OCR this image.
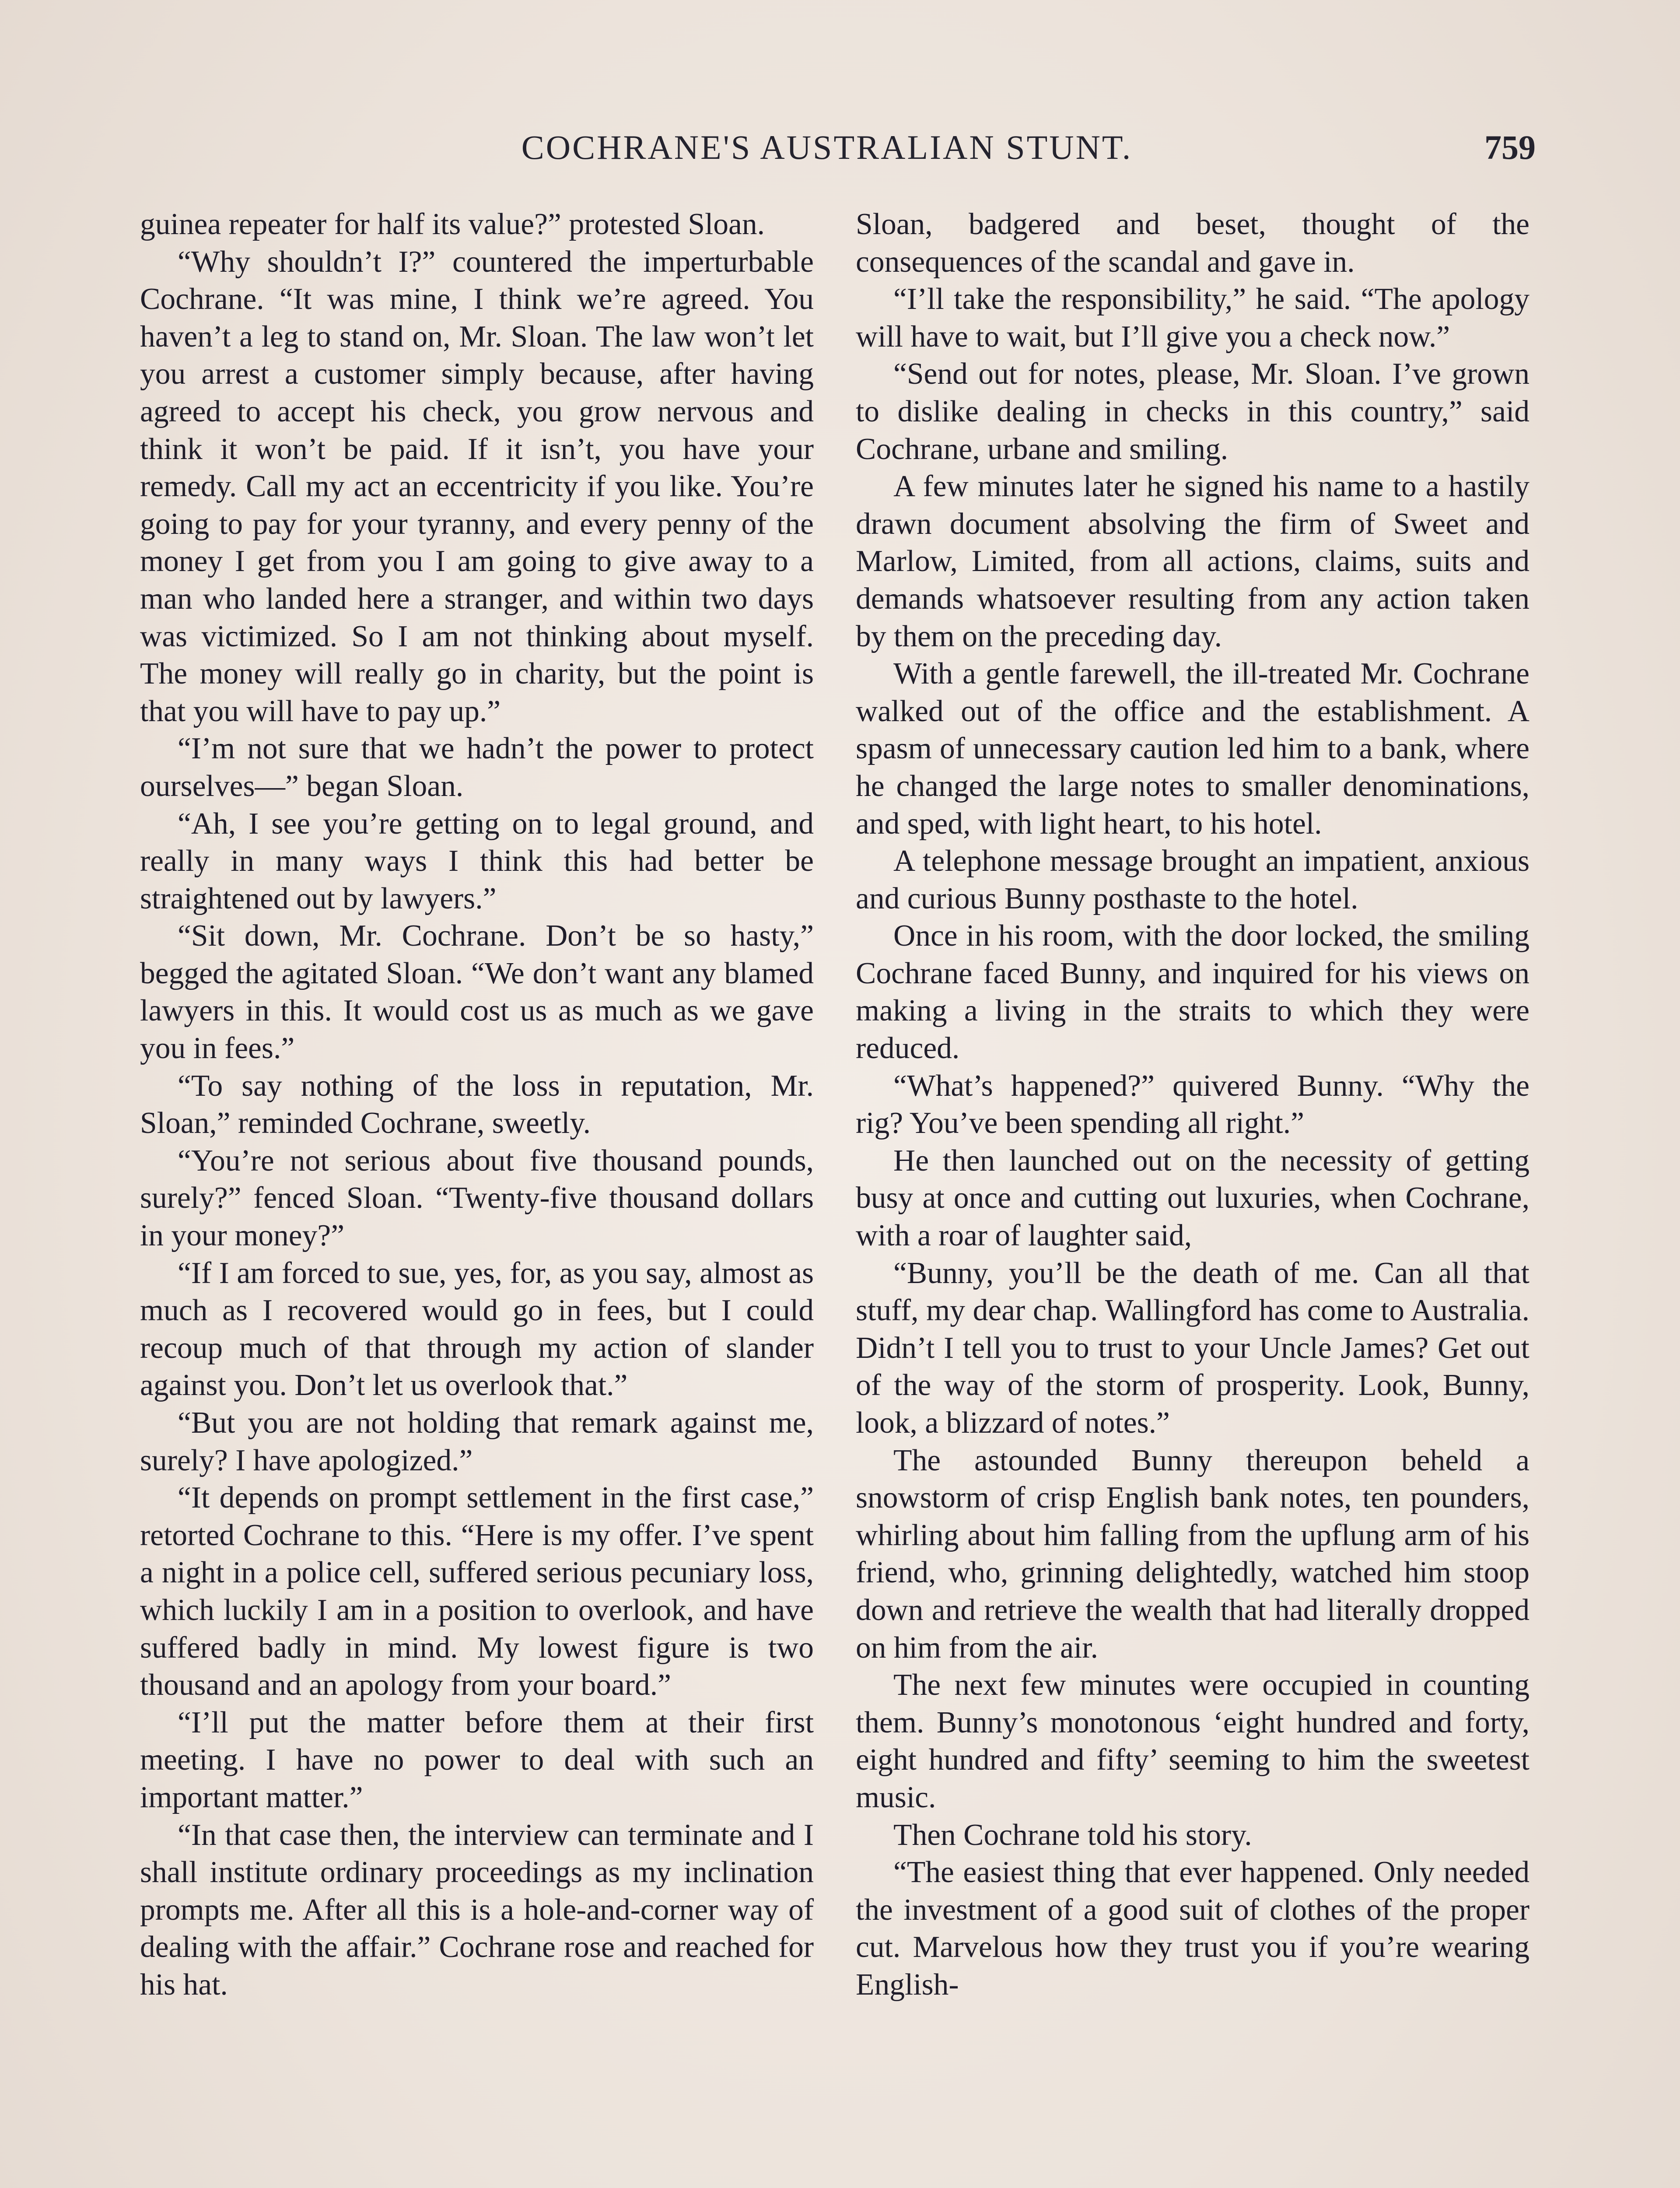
COCHRANE'S AUSTRALIAN STUNT.	759

guinea repeater for half its value?” protested Sloan.

“Why shouldn’t I?” countered the imperturbable Cochrane. “It was mine, I think we’re agreed. You haven’t a leg to stand on, Mr. Sloan. The law won’t let you arrest a customer simply because, after having agreed to accept his check, you grow nervous and think it won’t be paid. If it isn’t, you have your remedy. Call my act an eccentricity if you like. You’re going to pay for your tyranny, and every penny of the money I get from you I am going to give away to a man who landed here a stranger, and within two days was victimized. So I am not thinking about myself. The money will really go in charity, but the point is that you will have to pay up.”

“I’m not sure that we hadn’t the power to protect ourselves—” began Sloan.

“Ah, I see you’re getting on to legal ground, and really in many ways I think this had better be straightened out by lawyers.”

“Sit down, Mr. Cochrane. Don’t be so hasty,” begged the agitated Sloan. “We don’t want any blamed lawyers in this. It would cost us as much as we gave you in fees.”

“To say nothing of the loss in reputation, Mr. Sloan,” reminded Cochrane, sweetly.

“You’re not serious about five thousand pounds, surely?” fenced Sloan. “Twenty-five thousand dollars in your money?”

“If I am forced to sue, yes, for, as you say, almost as much as I recovered would go in fees, but I could recoup much of that through my action of slander against you. Don’t let us overlook that.”

“But you are not holding that remark against me, surely? I have apologized.”

“It depends on prompt settlement in the first case,” retorted Cochrane to this. “Here is my offer. I’ve spent a night in a police cell, suffered serious pecuniary loss, which luckily I am in a position to overlook, and have suffered badly in mind. My lowest figure is two thousand and an apology from your board.”

“I’ll put the matter before them at their first meeting. I have no power to deal with such an important matter.”

“In that case then, the interview can terminate and I shall institute ordinary proceedings as my inclination prompts me. After all this is a hole-and-corner way of dealing with the affair.” Cochrane rose and reached for his hat.

Sloan, badgered and beset, thought of the consequences of the scandal and gave in.

“I’ll take the responsibility,” he said. “The apology will have to wait, but I’ll give you a check now.”

“Send out for notes, please, Mr. Sloan. I’ve grown to dislike dealing in checks in this country,” said Cochrane, urbane and smiling.

A few minutes later he signed his name to a hastily drawn document absolving the firm of Sweet and Marlow, Limited, from all actions, claims, suits and demands whatsoever resulting from any action taken by them on the preceding day.

With a gentle farewell, the ill-treated Mr. Cochrane walked out of the office and the establishment. A spasm of unnecessary caution led him to a bank, where he changed the large notes to smaller denominations, and sped, with light heart, to his hotel.

A telephone message brought an impatient, anxious and curious Bunny posthaste to the hotel.

Once in his room, with the door locked, the smiling Cochrane faced Bunny, and inquired for his views on making a living in the straits to which they were reduced.

“What’s happened?” quivered Bunny. “Why the rig? You’ve been spending all right.”

He then launched out on the necessity of getting busy at once and cutting out luxuries, when Cochrane, with a roar of laughter said,

“Bunny, you’ll be the death of me. Can all that stuff, my dear chap. Wallingford has come to Australia. Didn’t I tell you to trust to your Uncle James? Get out of the way of the storm of prosperity. Look, Bunny, look, a blizzard of notes.”

The astounded Bunny thereupon beheld a snowstorm of crisp English bank notes, ten pounders, whirling about him falling from the upflung arm of his friend, who, grinning delightedly, watched him stoop down and retrieve the wealth that had literally dropped on him from the air.

The next few minutes were occupied in counting them. Bunny’s monotonous ‘eight hundred and forty, eight hundred and fifty’ seeming to him the sweetest music.

Then Cochrane told his story.

“The easiest thing that ever happened. Only needed the investment of a good suit of clothes of the proper cut. Marvelous how they trust you if you’re wearing English-
